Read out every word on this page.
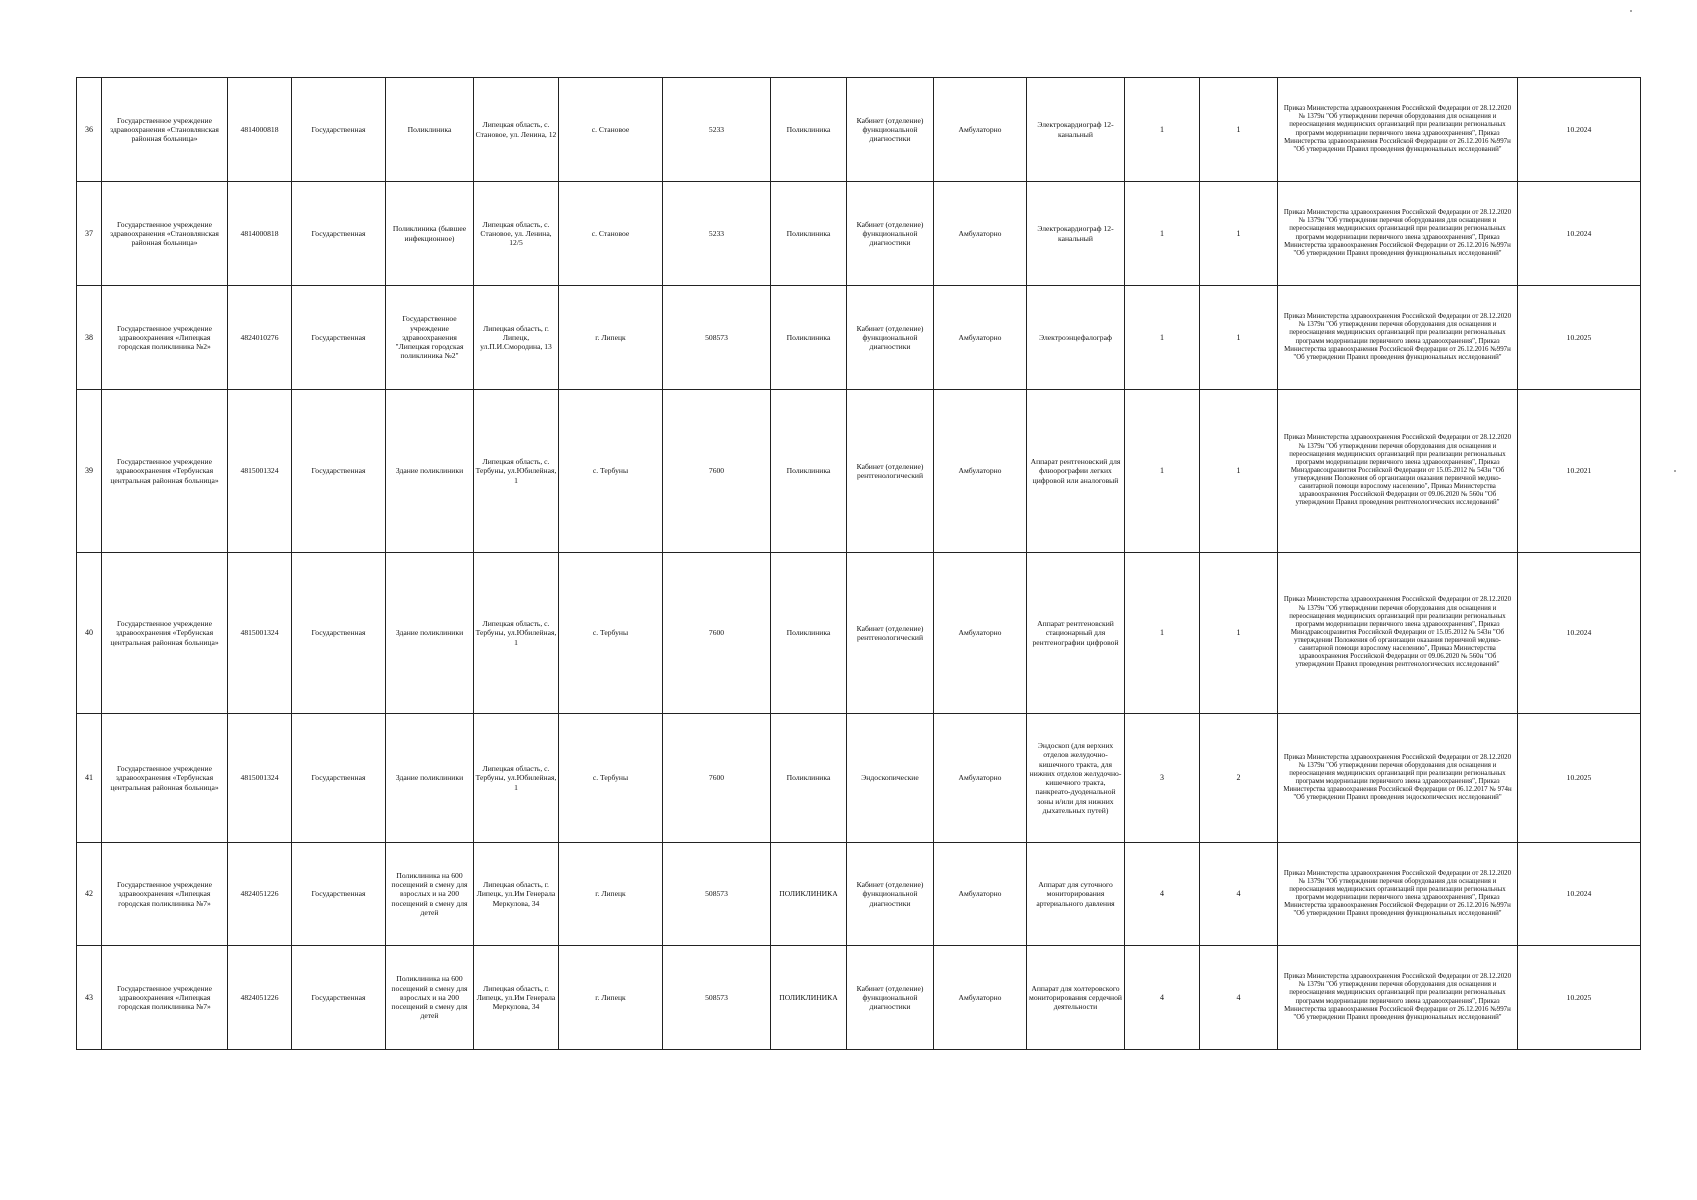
36	Государственное учреждение здравоохранения «Становлянская районная больница»	4814000818	Государственная	Поликлиника	Липецкая область, с. Становое, ул. Ленина, 12	с. Становое	5233	Поликлиника	Кабинет (отделение) функциональной диагностики	Амбулаторно	Электрокардиограф 12-канальный	1	1	Приказ Министерства здравоохранения Российской Федерации от 28.12.2020 № 1379н "Об утверждении перечня оборудования для оснащения и переоснащения медицинских организаций при реализации региональных программ модернизации первичного звена здравоохранения", Приказ Министерства здравоохранения Российской Федерации от 26.12.2016 №997н "Об утверждении Правил проведения функциональных исследований"	10.2024
37	Государственное учреждение здравоохранения «Становлянская районная больница»	4814000818	Государственная	Поликлиника (бывшее инфекционное)	Липецкая область, с. Становое, ул. Ленина, 12/5	с. Становое	5233	Поликлиника	Кабинет (отделение) функциональной диагностики	Амбулаторно	Электрокардиограф 12-канальный	1	1	Приказ Министерства здравоохранения Российской Федерации от 28.12.2020 № 1379н "Об утверждении перечня оборудования для оснащения и переоснащения медицинских организаций при реализации региональных программ модернизации первичного звена здравоохранения", Приказ Министерства здравоохранения Российской Федерации от 26.12.2016 №997н "Об утверждении Правил проведения функциональных исследований"	10.2024
38	Государственное учреждение здравоохранения «Липецкая городская поликлиника №2»	4824010276	Государственная	Государственное учреждение здравоохранения "Липецкая городская поликлиника №2"	Липецкая область, г. Липецк, ул.П.И.Смородина, 13	г. Липецк	508573	Поликлиника	Кабинет (отделение) функциональной диагностики	Амбулаторно	Электроэнцефалограф	1	1	Приказ Министерства здравоохранения Российской Федерации от 28.12.2020 № 1379н "Об утверждении перечня оборудования для оснащения и переоснащения медицинских организаций при реализации региональных программ модернизации первичного звена здравоохранения", Приказ Министерства здравоохранения Российской Федерации от 26.12.2016 №997н "Об утверждении Правил проведения функциональных исследований"	10.2025
39	Государственное учреждение здравоохранения «Тербунская центральная районная больница»	4815001324	Государственная	Здание поликлиники	Липецкая область, с. Тербуны, ул.Юбилейная, 1	с. Тербуны	7600	Поликлиника	Кабинет (отделение) рентгенологический	Амбулаторно	Аппарат рентгеновский для флюорографии легких цифровой или аналоговый	1	1	Приказ Министерства здравоохранения Российской Федерации от 28.12.2020 № 1379н "Об утверждении перечня оборудования для оснащения и переоснащения медицинских организаций при реализации региональных программ модернизации первичного звена здравоохранения", Приказ Минздравсоцразвития Российской Федерации от 15.05.2012 № 543н "Об утверждении Положения об организации оказания первичной медико-санитарной помощи взрослому населению", Приказ Министерства здравоохранения Российской Федерации от 09.06.2020 № 560н "Об утверждении Правил проведения рентгенологических исследований"	10.2021
40	Государственное учреждение здравоохранения «Тербунская центральная районная больница»	4815001324	Государственная	Здание поликлиники	Липецкая область, с. Тербуны, ул.Юбилейная, 1	с. Тербуны	7600	Поликлиника	Кабинет (отделение) рентгенологический	Амбулаторно	Аппарат рентгеновский стационарный для рентгенографии цифровой	1	1	Приказ Министерства здравоохранения Российской Федерации от 28.12.2020 № 1379н "Об утверждении перечня оборудования для оснащения и переоснащения медицинских организаций при реализации региональных программ модернизации первичного звена здравоохранения", Приказ Минздравсоцразвития Российской Федерации от 15.05.2012 № 543н "Об утверждении Положения об организации оказания первичной медико-санитарной помощи взрослому населению", Приказ Министерства здравоохранения Российской Федерации от 09.06.2020 № 560н "Об утверждении Правил проведения рентгенологических исследований"	10.2024
41	Государственное учреждение здравоохранения «Тербунская центральная районная больница»	4815001324	Государственная	Здание поликлиники	Липецкая область, с. Тербуны, ул.Юбилейная, 1	с. Тербуны	7600	Поликлиника	Эндоскопические	Амбулаторно	Эндоскоп (для верхних отделов желудочно-кишечного тракта, для нижних отделов желудочно-кишечного тракта, панкреато-дуоденальной зоны и/или для нижних дыхательных путей)	3	2	Приказ Министерства здравоохранения Российской Федерации от 28.12.2020 № 1379н "Об утверждении перечня оборудования для оснащения и переоснащения медицинских организаций при реализации региональных программ модернизации первичного звена здравоохранения", Приказ Министерства здравоохранения Российской Федерации от 06.12.2017 № 974н "Об утверждении Правил проведения эндоскопических исследований"	10.2025
42	Государственное учреждение здравоохранения «Липецкая городская поликлиника №7»	4824051226	Государственная	Поликлиника на 600 посещений в смену для взрослых и на 200 посещений в смену для детей	Липецкая область, г. Липецк, ул.Им Генерала Меркулова, 34	г. Липецк	508573	ПОЛИКЛИНИКА	Кабинет (отделение) функциональной диагностики	Амбулаторно	Аппарат для суточного мониторирования артериального давления	4	4	Приказ Министерства здравоохранения Российской Федерации от 28.12.2020 № 1379н "Об утверждении перечня оборудования для оснащения и переоснащения медицинских организаций при реализации региональных программ модернизации первичного звена здравоохранения", Приказ Министерства здравоохранения Российской Федерации от 26.12.2016 №997н "Об утверждении Правил проведения функциональных исследований"	10.2024
43	Государственное учреждение здравоохранения «Липецкая городская поликлиника №7»	4824051226	Государственная	Поликлиника на 600 посещений в смену для взрослых и на 200 посещений в смену для детей	Липецкая область, г. Липецк, ул.Им Генерала Меркулова, 34	г. Липецк	508573	ПОЛИКЛИНИКА	Кабинет (отделение) функциональной диагностики	Амбулаторно	Аппарат для холтеровского мониторирования сердечной деятельности	4	4	Приказ Министерства здравоохранения Российской Федерации от 28.12.2020 № 1379н "Об утверждении перечня оборудования для оснащения и переоснащения медицинских организаций при реализации региональных программ модернизации первичного звена здравоохранения", Приказ Министерства здравоохранения Российской Федерации от 26.12.2016 №997н "Об утверждении Правил проведения функциональных исследований"	10.2025
